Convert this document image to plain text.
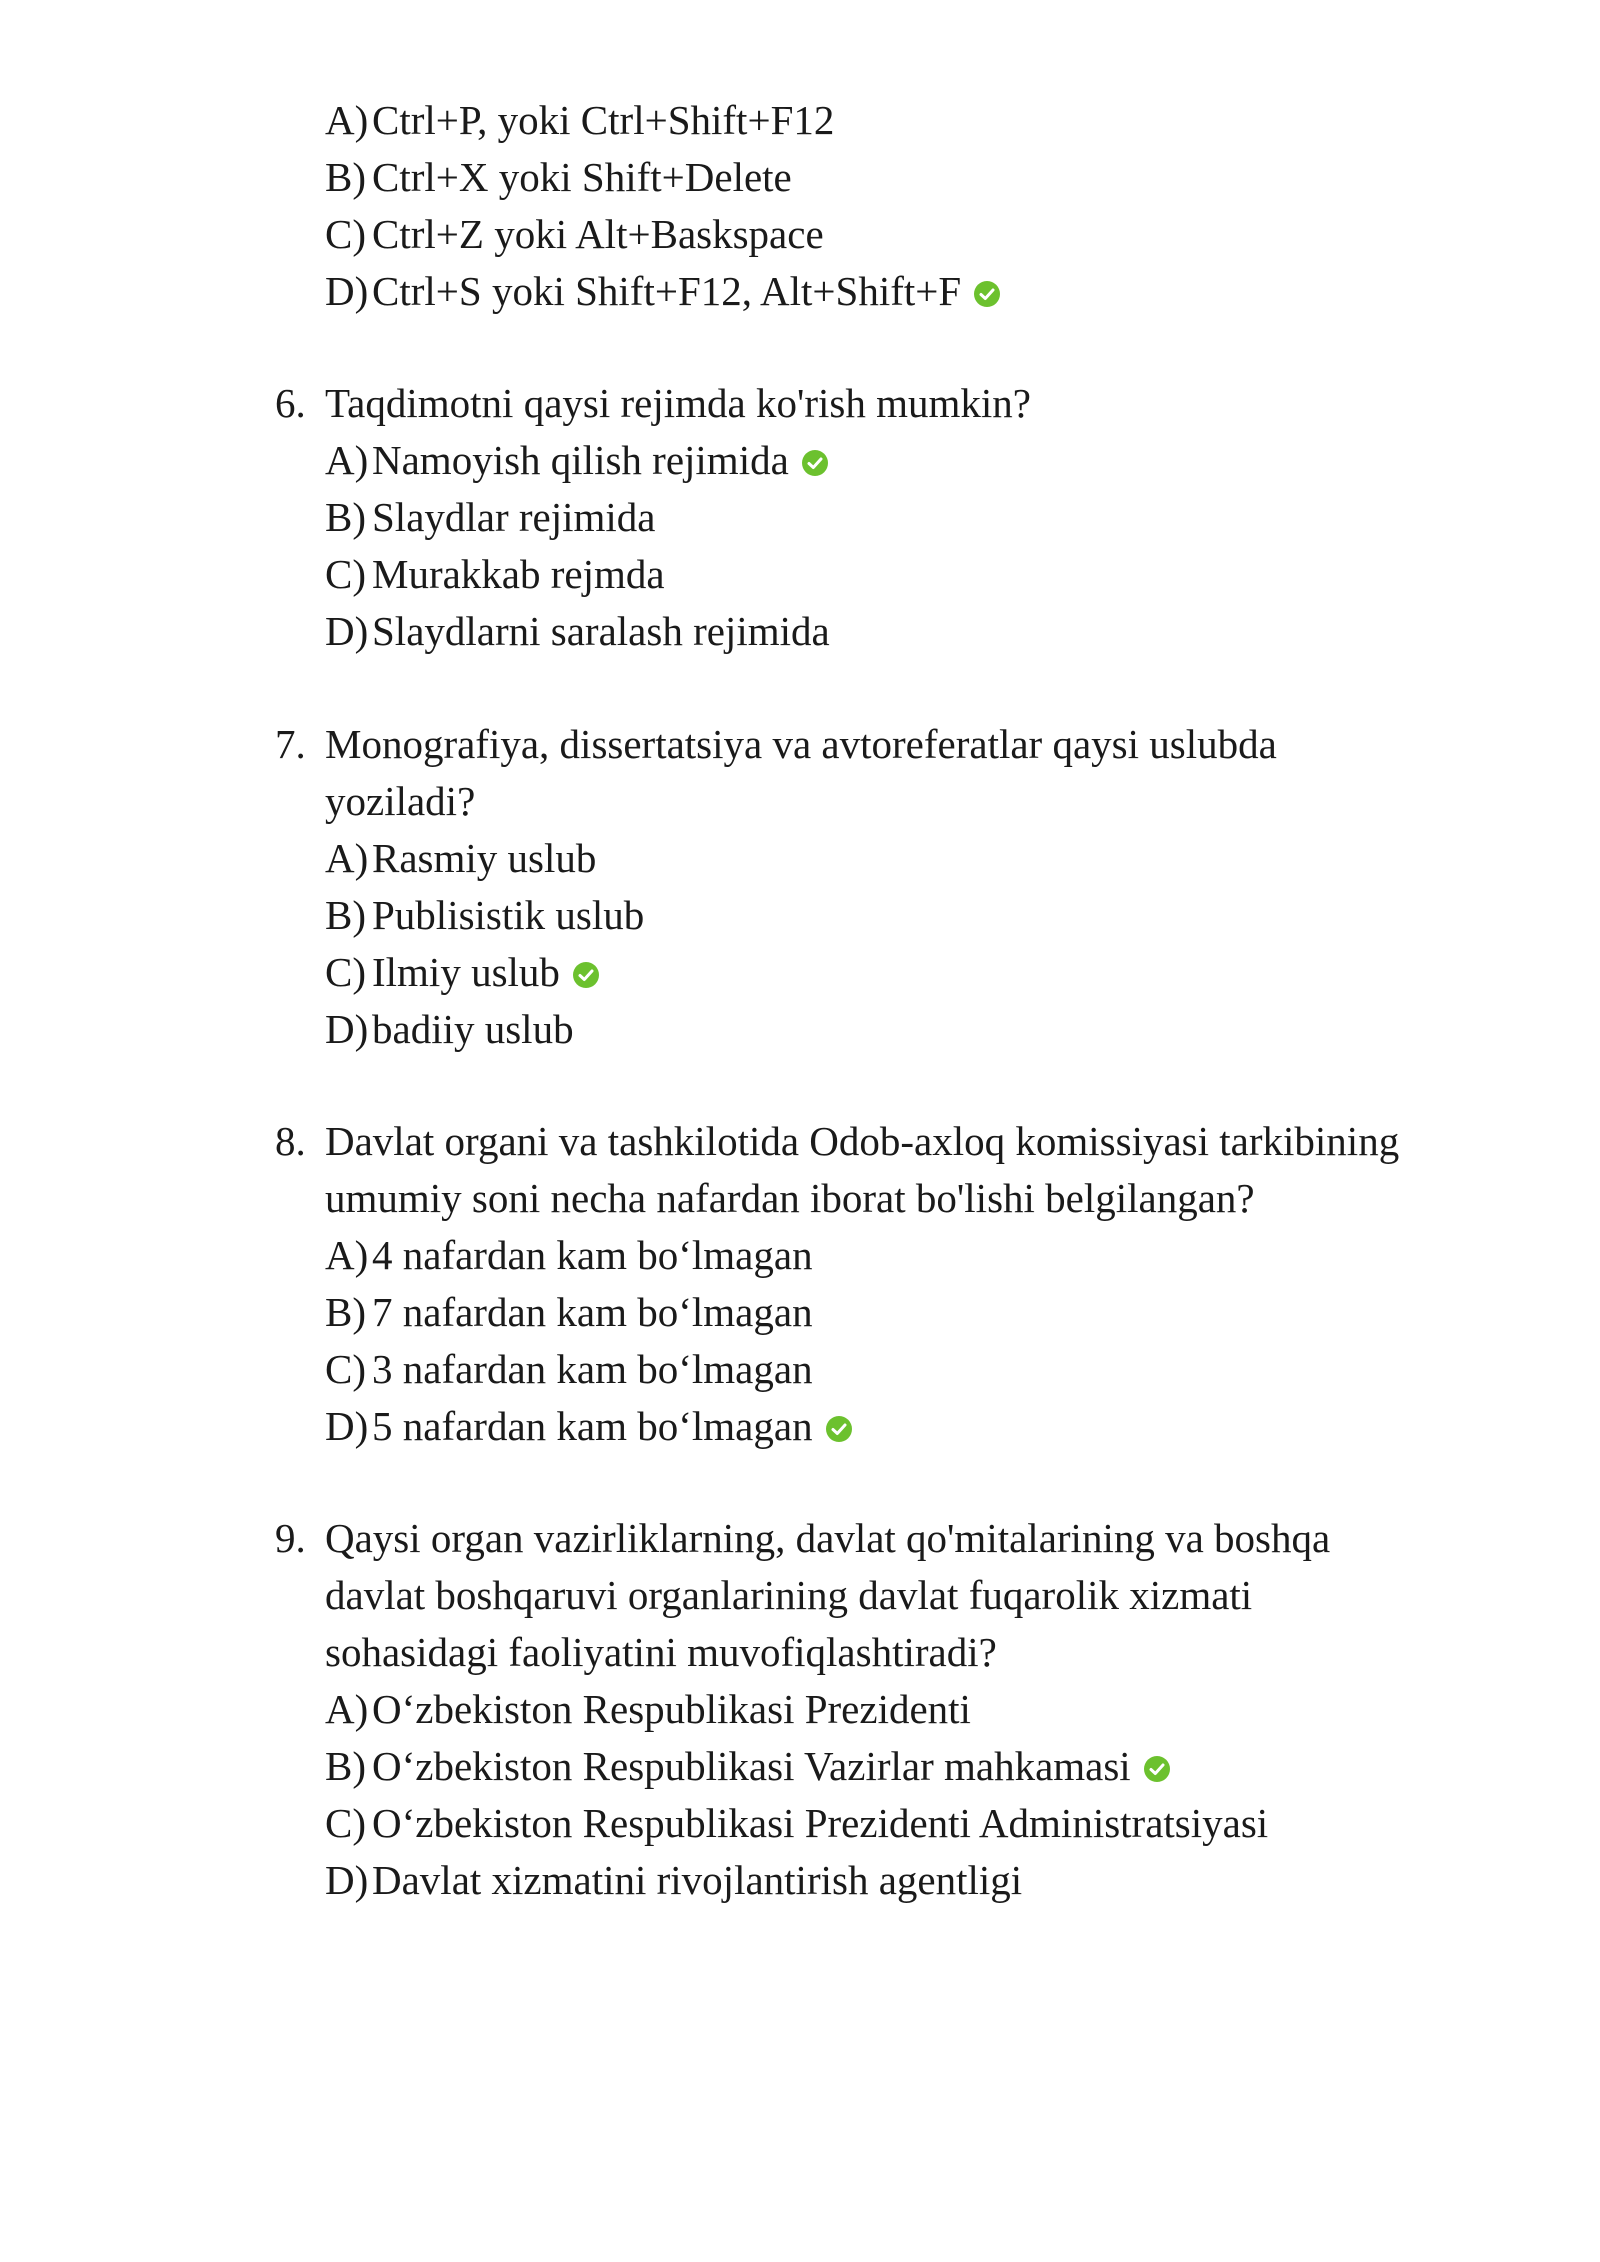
A)Ctrl+P, yoki Ctrl+Shift+F12
B) Ctrl+X yoki Shift+Delete
C) Ctrl+Z yoki Alt+Baskspace
D)Ctrl+S yoki Shift+F12, Alt+Shift+F
6. Taqdimotni qaysi rejimda ko'rish mumkin?
A)Namoyish qilish rejimida
B) Slaydlar rejimida
C) Murakkab rejmda
D)Slaydlarni saralash rejimida
7. Monografiya, dissertatsiya va avtoreferatlar qaysi uslubda
yoziladi?
A)Rasmiy uslub
B) Publisistik uslub
C) Ilmiy uslub
D)badiiy uslub
8. Davlat organi va tashkilotida Odob-axloq komissiyasi tarkibining
umumiy soni necha nafardan iborat bo'lishi belgilangan?
A)4 nafardan kam bo‘lmagan
B) 7 nafardan kam bo‘lmagan
C) 3 nafardan kam bo‘lmagan
D)5 nafardan kam bo‘lmagan
9. Qaysi organ vazirliklarning, davlat qo'mitalarining va boshqa
davlat boshqaruvi organlarining davlat fuqarolik xizmati
sohasidagi faoliyatini muvofiqlashtiradi?
A)O‘zbekiston Respublikasi Prezidenti
B) O‘zbekiston Respublikasi Vazirlar mahkamasi
C) O‘zbekiston Respublikasi Prezidenti Administratsiyasi
D)Davlat xizmatini rivojlantirish agentligi
